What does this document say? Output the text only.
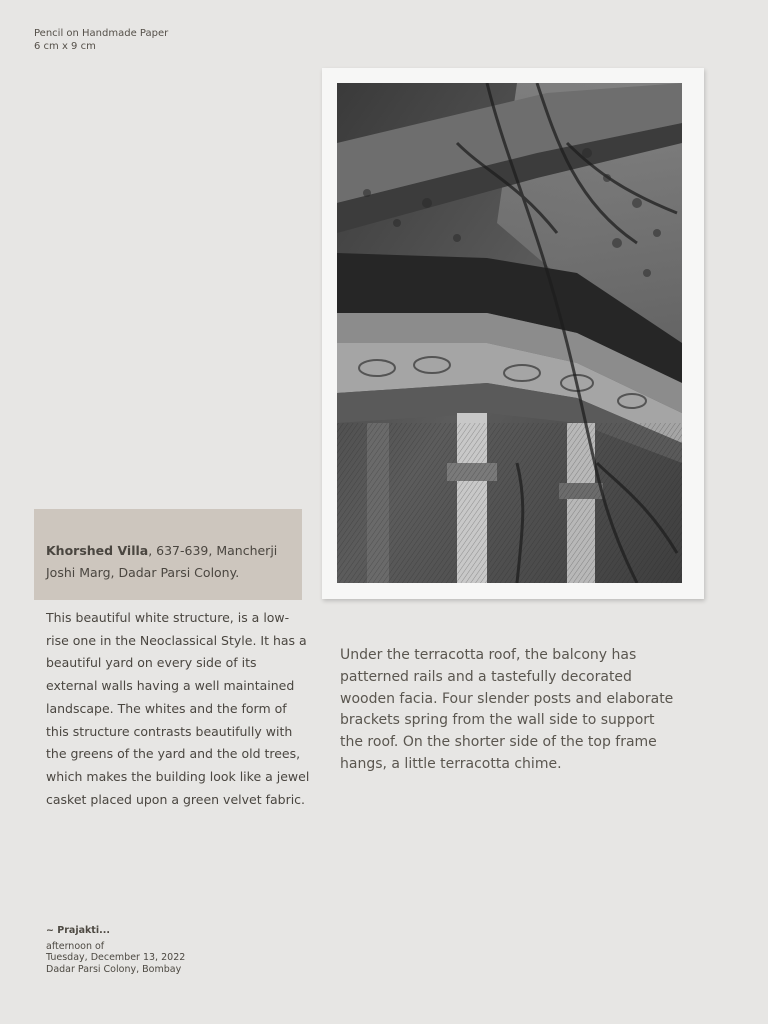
Pencil on Handmade Paper
6 cm x 9 cm
Khorshed Villa, 637-639, Mancherji Joshi Marg, Dadar Parsi Colony.
This beautiful white structure, is a low-rise one in the Neoclassical Style. It has a beautiful yard on every side of its external walls having a well maintained landscape. The whites and the form of this structure contrasts beautifully with the greens of the yard and the old trees, which makes the building look like a jewel casket placed upon a green velvet fabric.
Under the terracotta roof, the balcony has patterned rails and a tastefully decorated wooden facia. Four slender posts and elaborate brackets spring from the wall side to support the roof. On the shorter side of the top frame hangs, a little terracotta chime.
~ Prajakti...
afternoon of
Tuesday, December 13, 2022
Dadar Parsi Colony, Bombay
